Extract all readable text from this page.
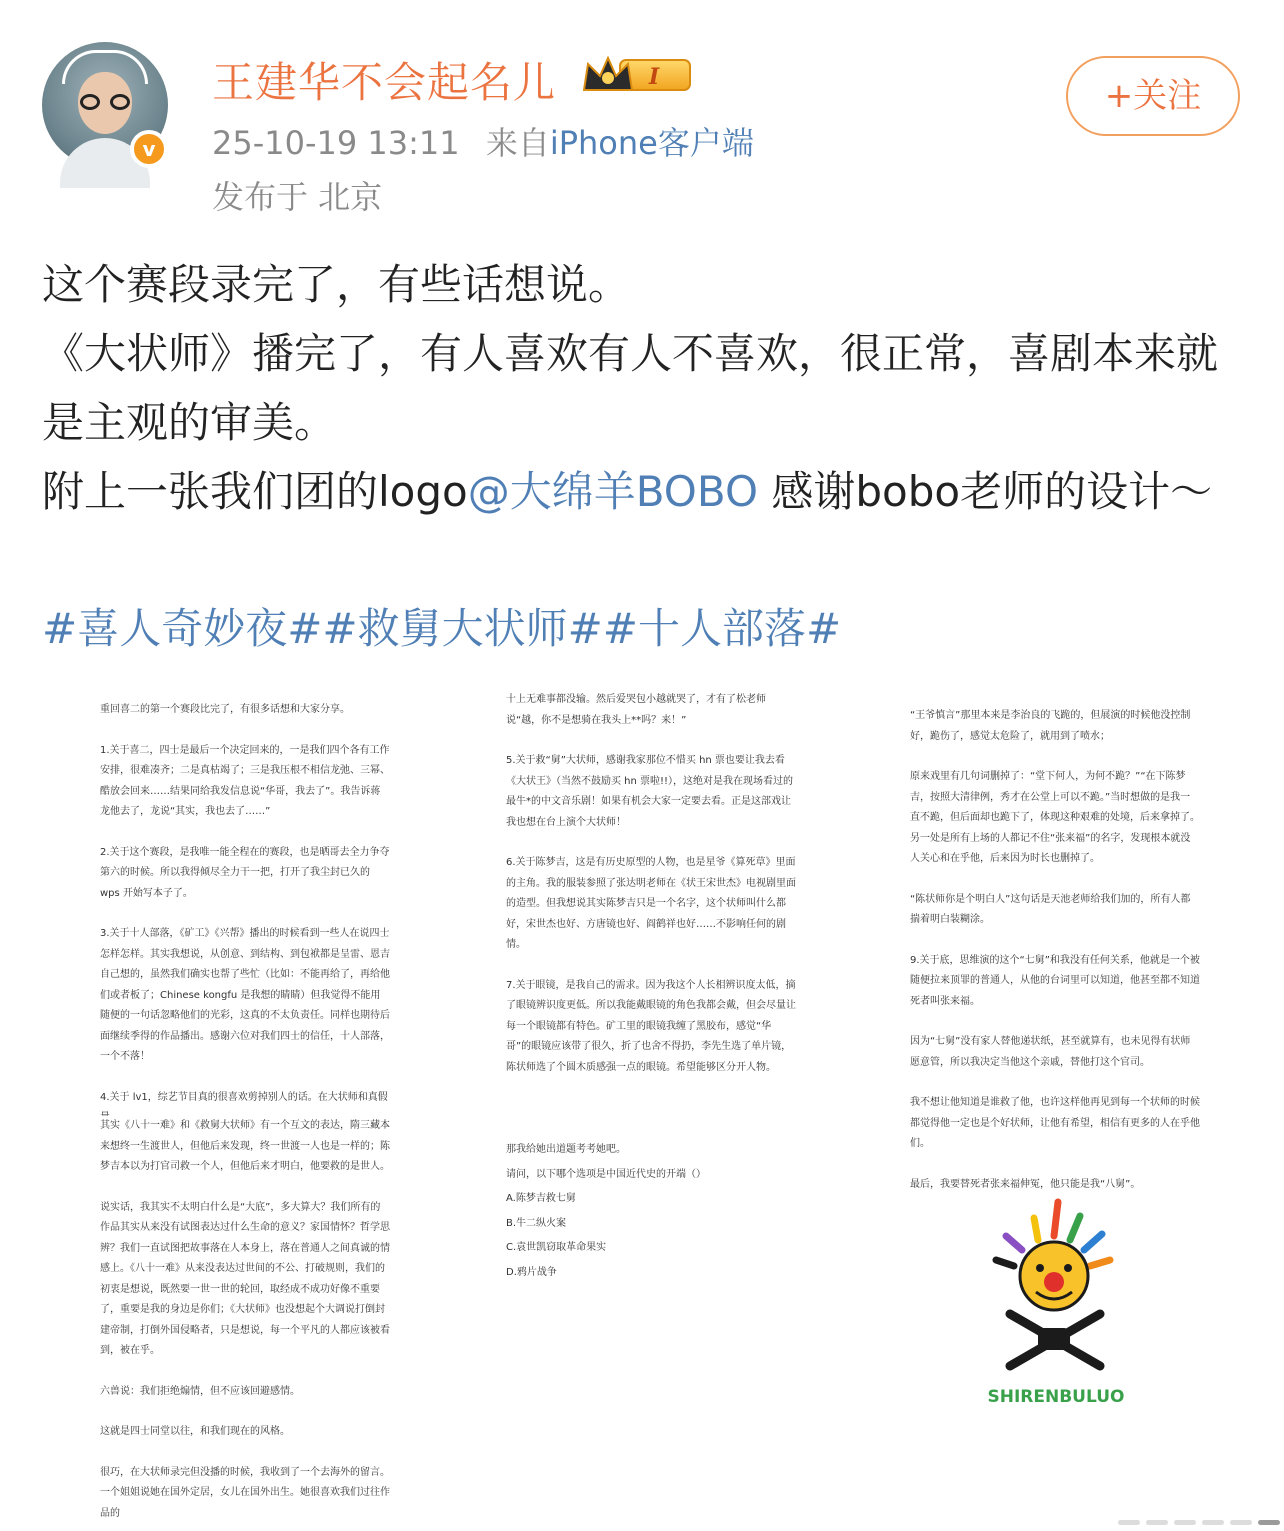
v
王建华不会起名儿	I
25-10-19 13:11 来自iPhone客户端
发布于 北京
+关注

这个赛段录完了，有些话想说。

《大状师》播完了，有人喜欢有人不喜欢，很正常，喜剧本来就是主观的审美。

附上一张我们团的logo@大绵羊BOBO 感谢bobo老师的设计～

#喜人奇妙夜##救舅大状师##十人部落#

重回喜二的第一个赛段比完了，有很多话想和大家分享。

1.关于喜二，四士是最后一个决定回来的，一是我们四个各有工作安排，很难凑齐；二是真枯竭了；三是我压根不相信龙弛、三幂、酷放会回来……结果同给我发信息说“华哥，我去了”。我告诉蒋龙他去了，龙说“其实，我也去了……”

2.关于这个赛段，是我唯一能全程在的赛段，也是晒哥去全力争夺第六的时候。所以我得倾尽全力干一把，打开了我尘封已久的 wps 开始写本子了。

3.关于十人部落，《矿工》《兴帮》播出的时候看到一些人在说四士怎样怎样。其实我想说，从创意、到结构、到包袱都是呈雷、恩吉自己想的，虽然我们确实也帮了些忙（比如：不能再给了，再给他们或者板了；Chinese kongfu 是我想的睛睛）但我觉得不能用随便的一句话忽略他们的光彩，这真的不太负责任。同样也期待后面继续季得的作品播出。感谢六位对我们四士的信任，十人部落，一个不落！

4.关于 lv1，综艺节目真的很喜欢剪掉别人的话。在大状师和真假

十上无难事都没输。然后爱哭包小越就哭了，才有了松老师说“越，你不是想骑在我头上**吗？来！”

5.关于救“舅”大状师，感谢我家那位不惜买 hn 票也要让我去看《大状王》（当然不鼓励买 hn 票啦!!），这绝对是我在现场看过的最牛*的中文音乐剧！如果有机会大家一定要去看。正是这部戏让我也想在台上演个大状师！

6.关于陈梦吉，这是有历史原型的人物，也是星爷《算死草》里面的主角。我的服装参照了张达明老师在《状王宋世杰》电视剧里面的造型。但我想说其实陈梦吉只是一个名字，这个状师叫什么都好，宋世杰也好、方唐镜也好、阎鹤祥也好……不影响任何的剧情。

7.关于眼镜，是我自己的需求。因为我这个人长相辨识度太低，摘了眼镜辨识度更低。所以我能戴眼镜的角色我都会戴，但会尽量让每一个眼镜都有特色。矿工里的眼镜我缠了黑胶布，感觉“华哥”的眼镜应该带了很久，折了也舍不得扔，李先生选了单片镜，陈状师选了个圆木质感强一点的眼镜。希望能够区分开人物。

“王爷慎言”那里本来是李治良的飞跪的，但展演的时候他没控制好，跪伤了，感觉太危险了，就用到了喷水；

原来戏里有几句词删掉了：“堂下何人，为何不跪？”“在下陈梦吉，按照大清律例，秀才在公堂上可以不跪。”当时想做的是我一直不跪，但后面却也跪下了，体现这种艰难的处境，后来拿掉了。另一处是所有上场的人都记不住“张来福”的名字，发现根本就没人关心和在乎他，后来因为时长也删掉了。

“陈状师你是个明白人”这句话是天池老师给我们加的，所有人都揣着明白装糊涂。

9.关于底，思维演的这个“七舅”和我没有任何关系，他就是一个被随便拉来顶罪的普通人，从他的台词里可以知道，他甚至都不知道死者叫张来福。

因为“七舅”没有家人替他递状纸，甚至就算有，也未见得有状师愿意管，所以我决定当他这个亲戚，替他打这个官司。

我不想让他知道是谁救了他，也许这样他再见到每一个状师的时候都觉得他一定也是个好状师，让他有希望，相信有更多的人在乎他们。

最后，我要替死者张来福伸冤，他只能是我“八舅”。

其实《八十一难》和《救舅大状师》有一个互文的表达，隋三藏本来想终一生渡世人，但他后来发现，终一世渡一人也是一样的；陈梦吉本以为打官司救一个人，但他后来才明白，他要救的是世人。

说实话，我其实不太明白什么是“大底”，多大算大？我们所有的作品其实从来没有试图表达过什么生命的意义？家国情怀？哲学思辨？我们一直试图把故事落在人本身上，落在普通人之间真诚的情感上。《八十一难》从来没表达过世间的不公、打破规则，我们的初衷是想说，既然要一世一世的轮回，取经成不成功好像不重要了，重要是我的身边是你们；《大状师》也没想起个大调说打倒封建帝制，打倒外国侵略者，只是想说，每一个平凡的人都应该被看到，被在乎。

六兽说：我们拒绝煽情，但不应该回避感情。

这就是四士同堂以往，和我们现在的风格。

很巧，在大状师录完但没播的时候，我收到了一个去海外的留言。一个姐姐说她在国外定居，女儿在国外出生。她很喜欢我们过往作品的

那我给她出道题考考她吧。

请问，以下哪个选项是中国近代史的开端（）

A.陈梦吉救七舅

B.牛二纵火案

C.袁世凯窃取革命果实

D.鸦片战争

SHIRENBULUO
